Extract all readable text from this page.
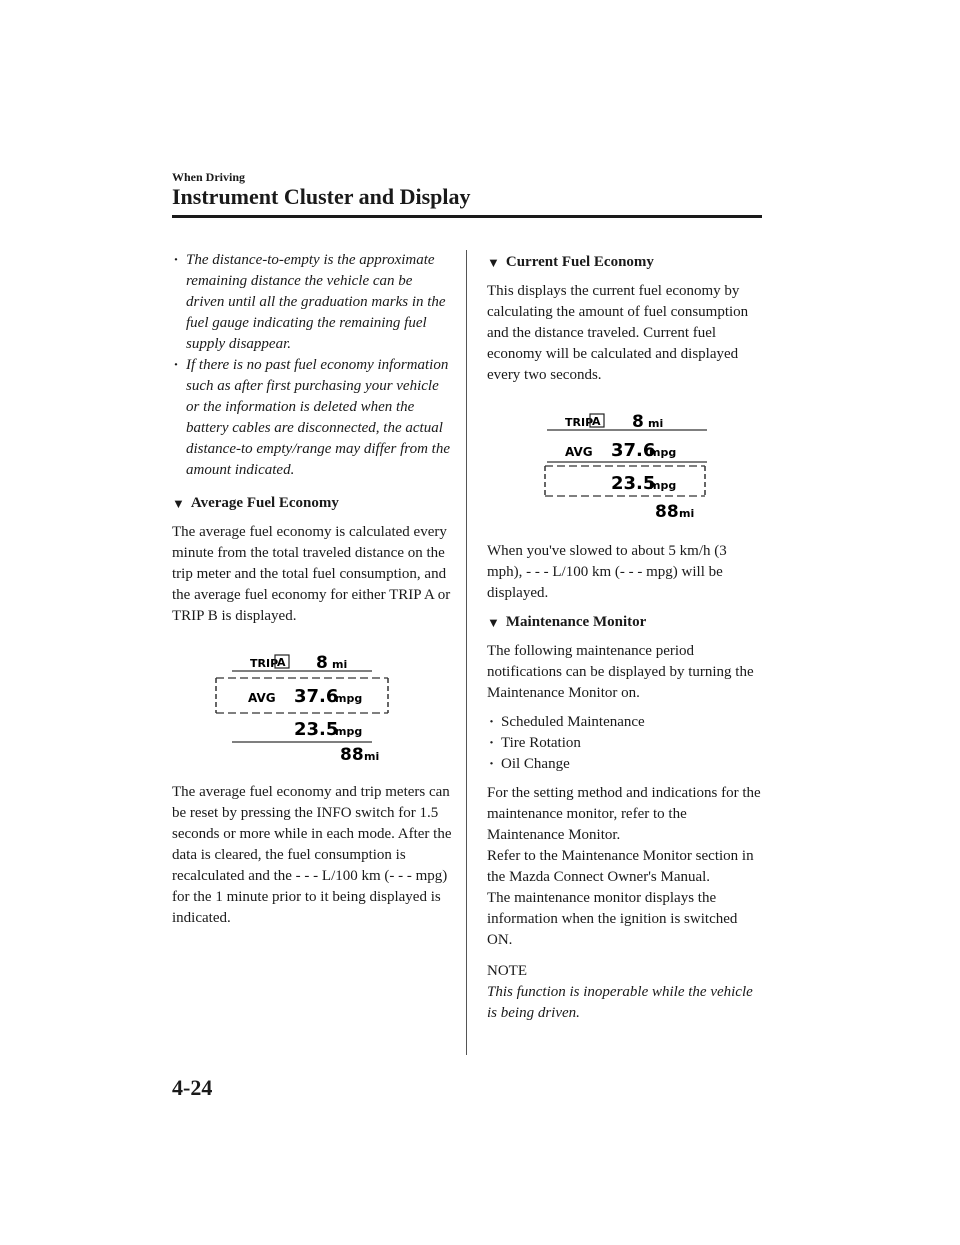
When Driving
Instrument Cluster and Display
· The distance-to-empty is the approximate remaining distance the vehicle can be driven until all the graduation marks in the fuel gauge indicating the remaining fuel supply disappear.
· If there is no past fuel economy information such as after first purchasing your vehicle or the information is deleted when the battery cables are disconnected, the actual distance-to empty/range may differ from the amount indicated.
▼ Average Fuel Economy

The average fuel economy is calculated every minute from the total traveled distance on the trip meter and the total fuel consumption, and the average fuel economy for either TRIP A or TRIP B is displayed.

TRIP
A 8 mi
AVG 37.6
mpg
23.5
mpg
88 mi

The average fuel economy and trip meters can be reset by pressing the INFO switch for 1.5 seconds or more while in each mode. After the data is cleared, the fuel consumption is recalculated and the - - - L/100 km (- - - mpg) for the 1 minute prior to it being displayed is indicated.

▼ Current Fuel Economy

This displays the current fuel economy by calculating the amount of fuel consumption and the distance traveled. Current fuel economy will be calculated and displayed every two seconds.

TRIP
A 8 mi
AVG 37.6
mpg
23.5
mpg
88 mi

When you've slowed to about 5 km/h (3 mph), - - - L/100 km (- - - mpg) will be displayed.

▼ Maintenance Monitor

The following maintenance period notifications can be displayed by turning the Maintenance Monitor on.

· Scheduled Maintenance
· Tire Rotation
· Oil Change

For the setting method and indications for the maintenance monitor, refer to the Maintenance Monitor.

Refer to the Maintenance Monitor section in the Mazda Connect Owner's Manual.

The maintenance monitor displays the information when the ignition is switched ON.

NOTE

This function is inoperable while the vehicle is being driven.

4-24
